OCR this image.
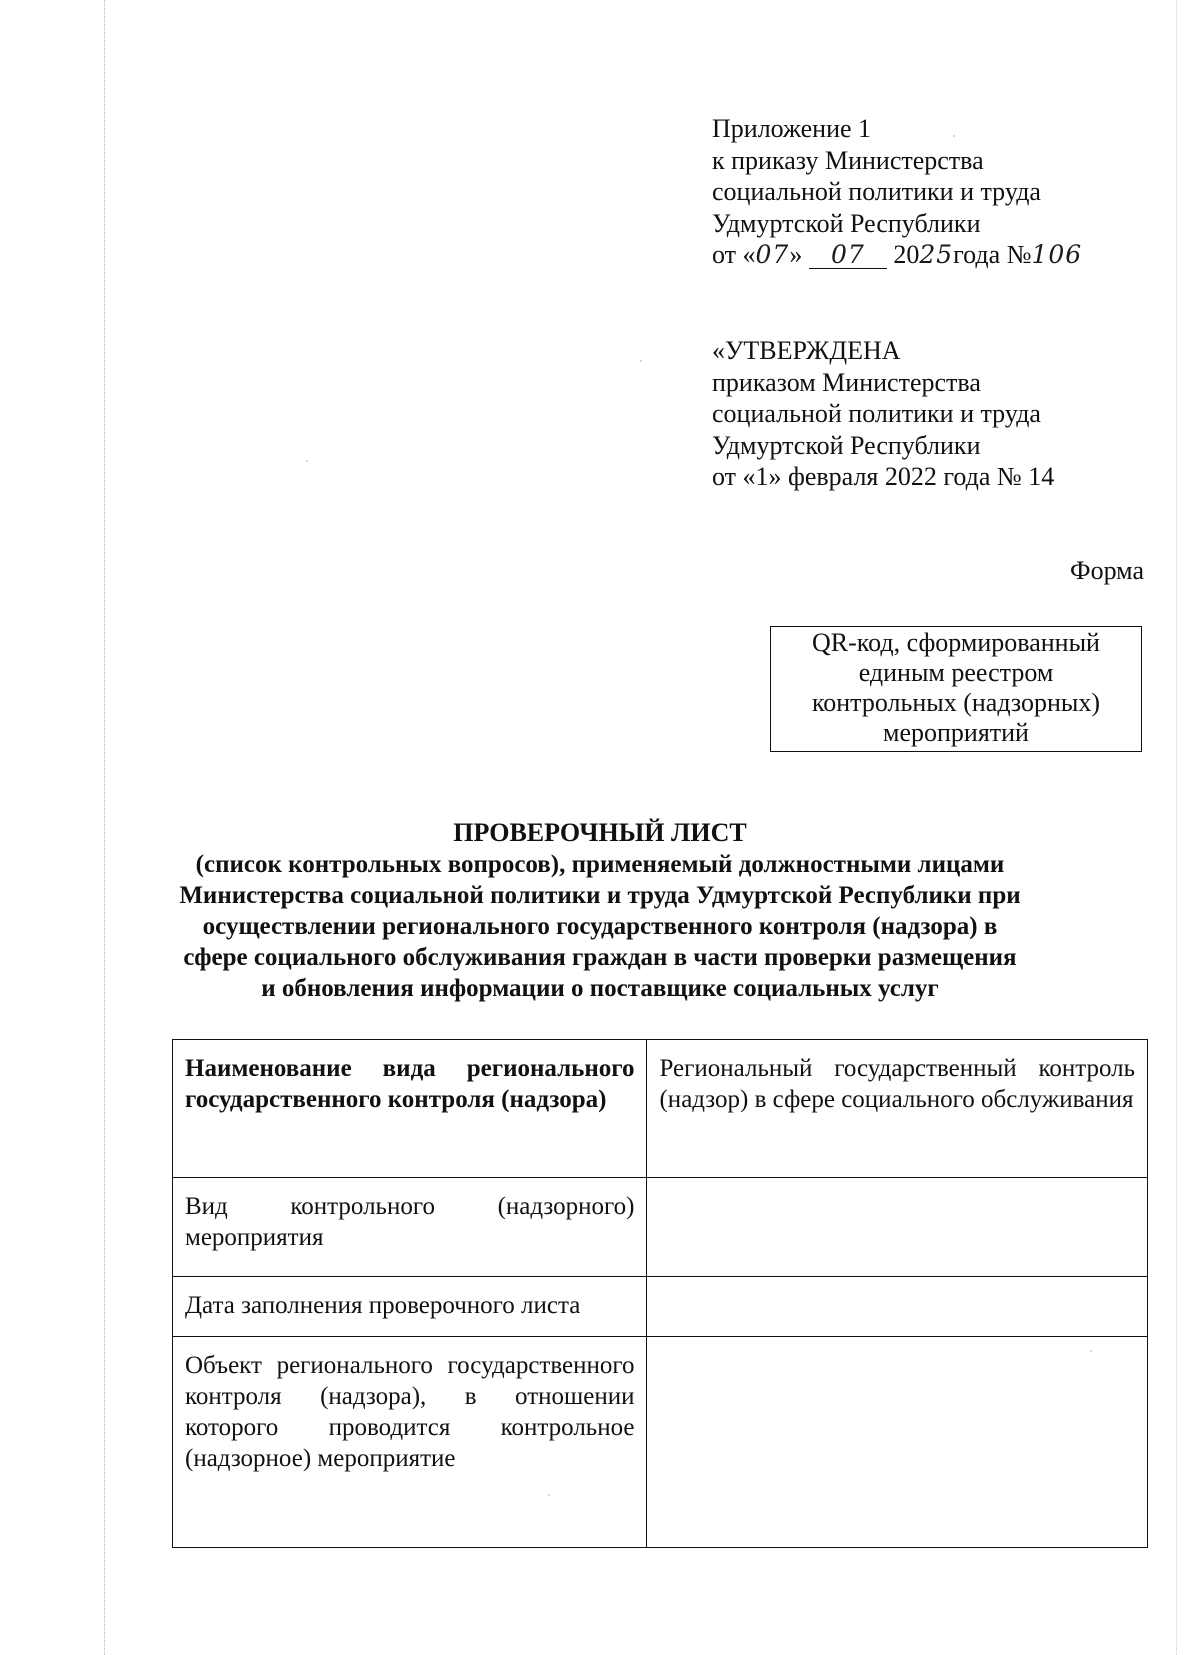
Приложение 1
к приказу Министерства
социальной политики и труда
Удмуртской Республики
от «07» 07 2025года №106
«УТВЕРЖДЕНА
приказом Министерства
социальной политики и труда
Удмуртской Республики
от «1» февраля 2022 года № 14
Форма
QR-код, сформированный
единым реестром
контрольных (надзорных)
мероприятий
ПРОВЕРОЧНЫЙ ЛИСТ
(список контрольных вопросов), применяемый должностными лицами
Министерства социальной политики и труда Удмуртской Республики при
осуществлении регионального государственного контроля (надзора) в
сфере социального обслуживания граждан в части проверки размещения
и обновления информации о поставщике социальных услуг
Наименование вида регионального государственного контроля (надзора)	Региональный государственный контроль (надзор) в сфере социального обслуживания
Вид контрольного (надзорного) мероприятия	
Дата заполнения проверочного листа	
Объект регионального государственного контроля (надзора), в отношении которого проводится контрольное (надзорное) мероприятие	
